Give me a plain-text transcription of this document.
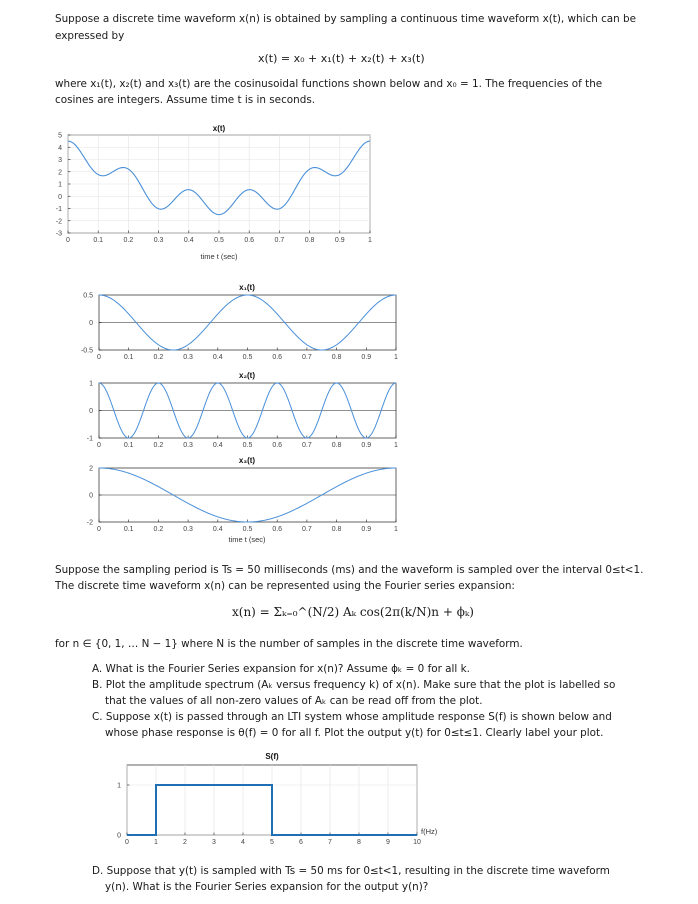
Suppose a discrete time waveform x(n) is obtained by sampling a continuous time waveform x(t), which can be
expressed by
x(t) = x₀ + x₁(t) + x₂(t) + x₃(t)
where x₁(t), x₂(t) and x₃(t) are the cosinusoidal functions shown below and x₀ = 1. The frequencies of the
cosines are integers. Assume time t is in seconds.
0	0.1	0.2	0.3	0.4	0.5	0.6	0.7	0.8	0.9	1
5
4
3
2
1
0
-1
-2
-3
x(t)
time t (sec)
0	0.1	0.2	0.3	0.4	0.5	0.6	0.7	0.8	0.9	1
0.5
0
-0.5
x₁(t)
0	0.1	0.2	0.3	0.4	0.5	0.6	0.7	0.8	0.9	1
1
0
-1
x₂(t)
0	0.1	0.2	0.3	0.4	0.5	0.6	0.7	0.8	0.9	1
2
0
-2
x₃(t)
time t (sec)
0	1	2	3	4	5	6	7	8	9	10
1
0
S(f)
f(Hz)
Suppose the sampling period is Ts = 50 milliseconds (ms) and the waveform is sampled over the interval 0≤t<1.
The discrete time waveform x(n) can be represented using the Fourier series expansion:
x(n) = Σₖ₌₀^(N/2) Aₖ cos(2π(k/N)n + ϕₖ)
for n ∈ {0, 1, … N − 1} where N is the number of samples in the discrete time waveform.
A. What is the Fourier Series expansion for x(n)? Assume ϕₖ = 0 for all k.
B. Plot the amplitude spectrum (Aₖ versus frequency k) of x(n). Make sure that the plot is labelled so
that the values of all non-zero values of Aₖ can be read off from the plot.
C. Suppose x(t) is passed through an LTI system whose amplitude response S(f) is shown below and
whose phase response is θ(f) = 0 for all f. Plot the output y(t) for 0≤t≤1. Clearly label your plot.
D. Suppose that y(t) is sampled with Ts = 50 ms for 0≤t<1, resulting in the discrete time waveform
y(n). What is the Fourier Series expansion for the output y(n)?
